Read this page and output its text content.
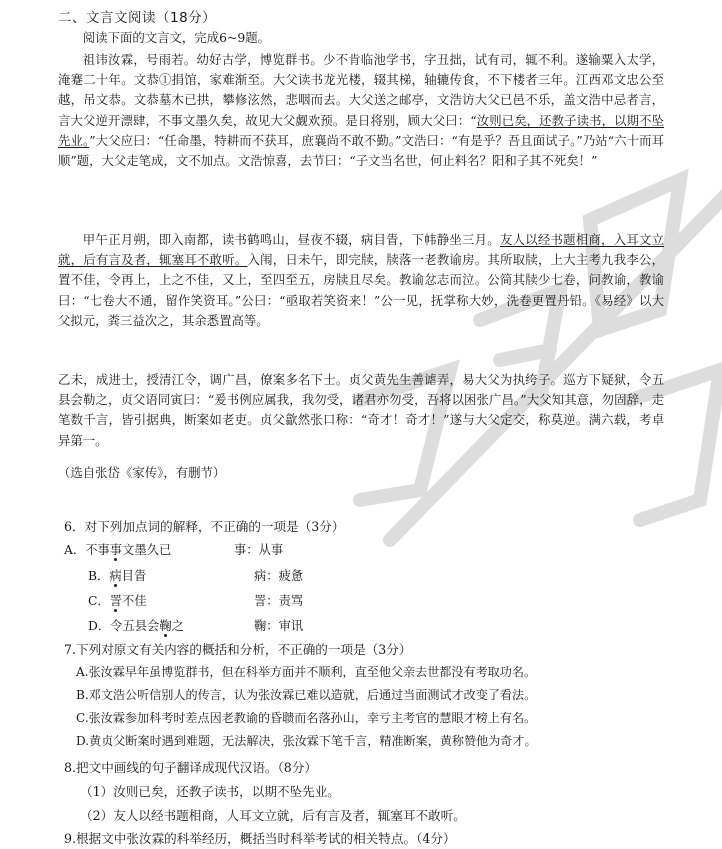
二、文言文阅读（18分）

阅读下面的文言文，完成6~9题。

祖讳汝霖，号雨若。幼好古学，博览群书。少不肯临池学书，字丑拙，试有司，辄不利。遂输粟入太学，淹蹇二十年。文恭①捐馆，家难渐至。大父读书龙光楼，辍其梯，轴辘传食，不下楼者三年。江西邓文忠公至越，吊文恭。文恭墓木已拱，攀修泫然，悲咽而去。大父送之邮亭，文浩访大父已邑不乐，盖文浩中忌者言，言大父逆开漂肆，不事文墨久矣，故见大父觑欢预。是日将别，顾大父曰：“汝则已矣，还教子读书，以期不坠先业。”大父应曰：“任命墨，特耕而不获耳，庶襄尚不敢不勤。”文浩曰：“有是乎？吾且面试子。”乃站“六十而耳顺”题，大父走笔成，文不加点。文浩惊喜，去节曰：“子文当名世，何止料名？阳和子其不死矣！”

甲午正月朔，即入南都，读书鹤鸣山，昼夜不辍，病目眚，下帏静坐三月。友人以经书题相商，入耳文立就，后有言及者，辄塞耳不敢听。入闱，日未午，即完牍，牍落一老教谕房。其所取牍，上大主考九我李公，置不佳，令再上，上之不佳，又上，至四至五，房牍且尽矣。教谕忿志而泣。公简其牍少七卷，问教谕，教谕曰：“七卷大不通，留作笑资耳。”公曰：“亟取若笑资来！”公一见，抚掌称大妙，洗卷更置丹铅。《易经》以大父拟元，粪三益次之，其余悉置高等。

乙未，成进士，授清江令，调广昌，僚案多名下士。贞父黄先生善谑弄，易大父为执绔子。巡方下疑狱，令五县会勒之，贞父语同寅曰：“爰书例应属我，我勿受，诸君亦勿受，吾将以困张广昌。”大父知其意，勿固辞，走笔数千言，皆引据典，断案如老吏。贞父歙然张口称：“奇才！奇才！”遂与大父定交，称莫逆。满六载，考卓异第一。

（选自张岱《家传》，有删节）

6．对下列加点词的解释，不正确的一项是（3分）

A．不事事文墨久已	事：从事
B．病目眚	病：疲惫
C．詈不佳	詈：责骂
D．令五县会鞠之	鞠：审讯

7.下列对原文有关内容的概括和分析，不正确的一项是（3分）

A.张汝霖早年虽博览群书，但在科举方面并不顺利，直至他父亲去世都没有考取功名。

B.邓文浩公听信别人的传言，认为张汝霖已难以造就，后通过当面测试才改变了看法。

C.张汝霖参加科考时差点因老教谕的昏聩而名落孙山，幸亏主考官的慧眼才榜上有名。

D.黄贞父断案时遇到难题，无法解决，张汝霖下笔千言，精准断案，黄称赞他为奇才。

8.把文中画线的句子翻译成现代汉语。（8分）

（1）汝则已矣，还教子读书，以期不坠先业。

（2）友人以经书题相商，人耳文立就，后有言及者，辄塞耳不敢听。

9.根据文中张汝霖的科举经历，概括当时科举考试的相关特点。（4分）
